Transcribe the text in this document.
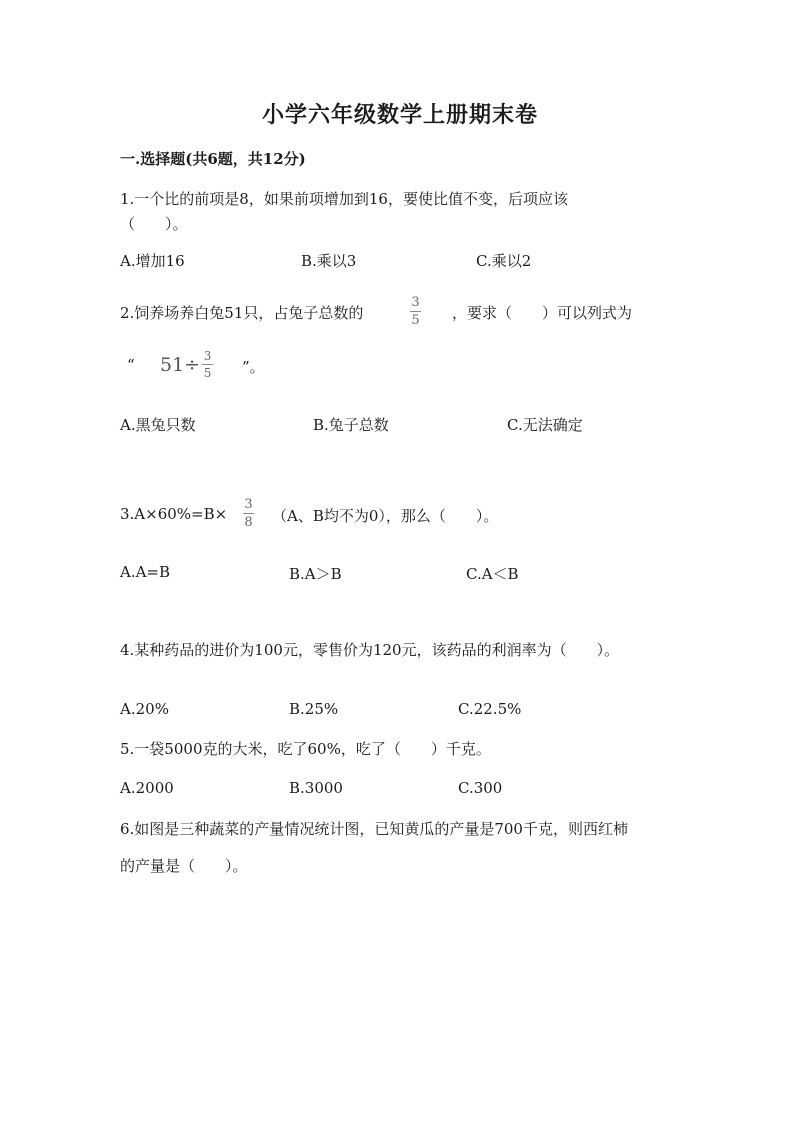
小学六年级数学上册期末卷
一.选择题(共6题，共12分)
1.一个比的前项是8，如果前项增加到16，要使比值不变，后项应该
（　　）。
A.增加16	B.乘以3	C.乘以2
2.饲养场养白兔51只，占兔子总数的
3
5 ，要求（　　）可以列式为
“ $51\div \frac{3}{5}$ ”。
A.黑兔只数	B.兔子总数	C.无法确定
3.A×60%=B×
3
8 （A、B均不为0），那么（　　）。
A.A=B	B.A＞B	C.A＜B
4.某种药品的进价为100元，零售价为120元，该药品的利润率为（　　）。
A.20%	B.25%	C.22.5%
5.一袋5000克的大米，吃了60%，吃了（　　）千克。
A.2000	B.3000	C.300
6.如图是三种蔬菜的产量情况统计图，已知黄瓜的产量是700千克，则西红柿
的产量是（　　）。
